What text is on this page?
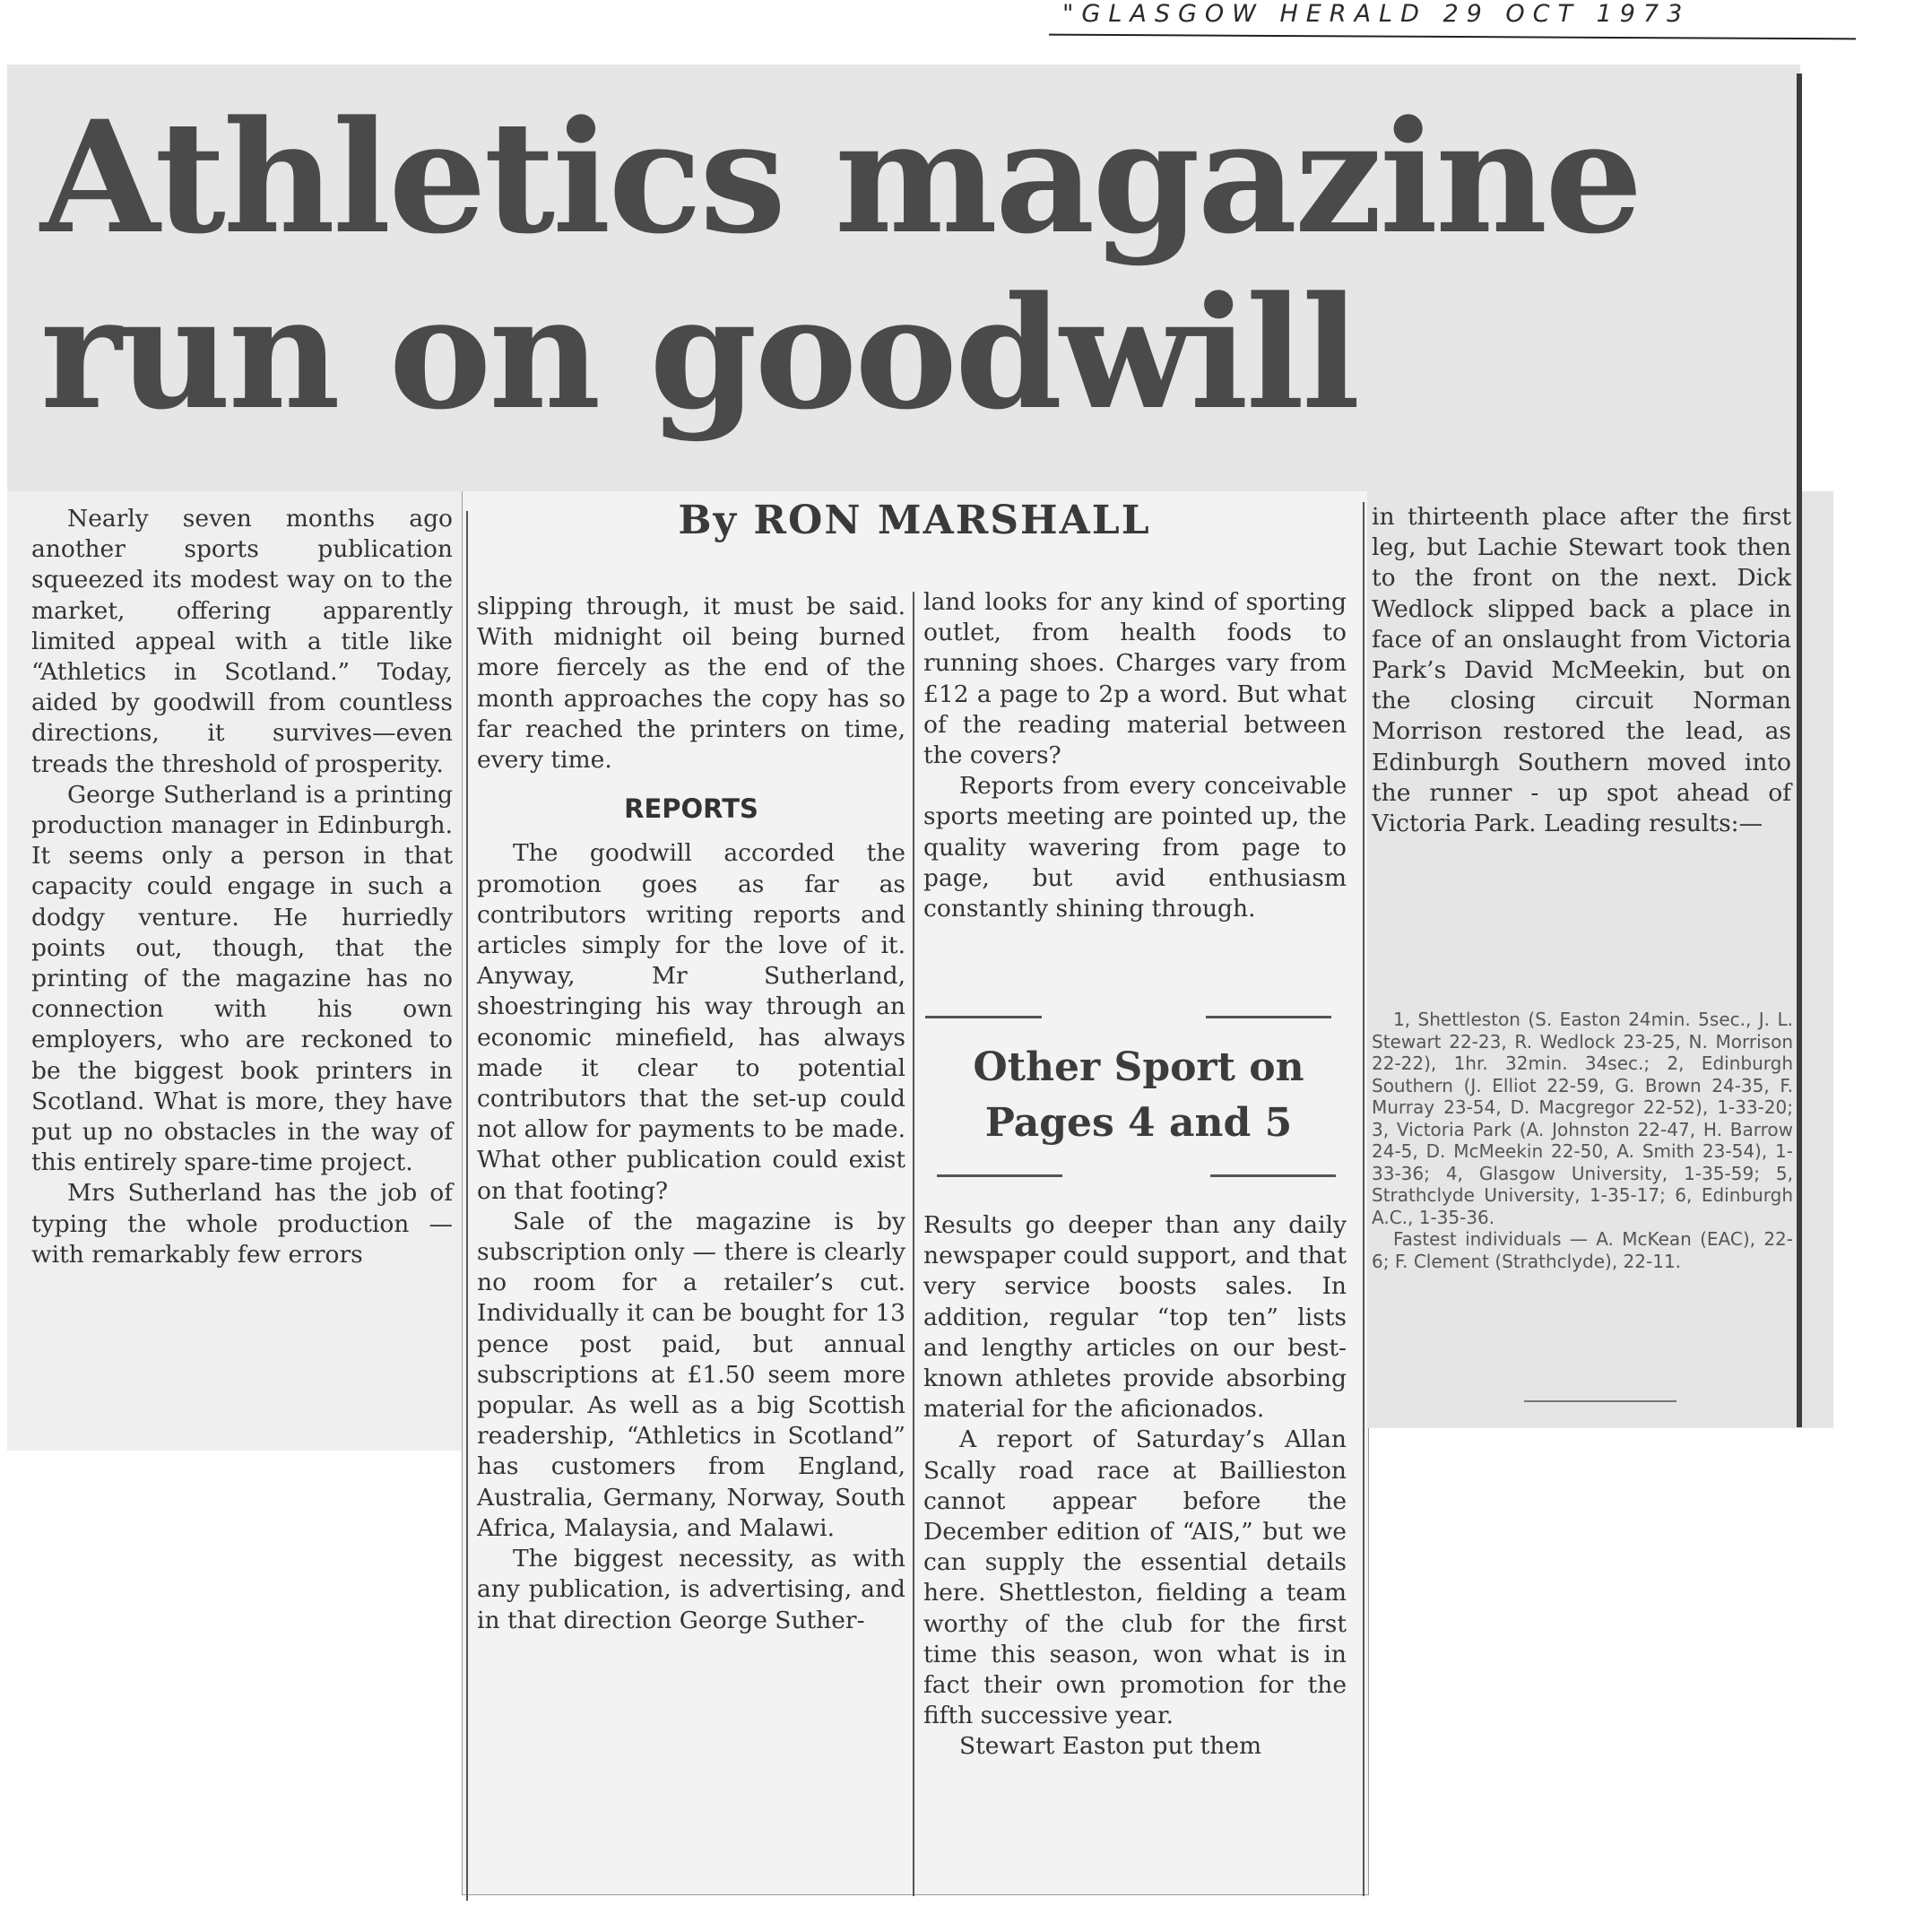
"GLASGOW HERALD 29 OCT 1973
Athletics magazine
run on goodwill
By RON MARSHALL

Nearly seven months ago another sports publication squeezed its modest way on to the market, offering apparently limited appeal with a title like “Athletics in Scotland.” Today, aided by goodwill from countless directions, it survives—even treads the threshold of prosperity.

George Sutherland is a printing production manager in Edinburgh. It seems only a person in that capacity could engage in such a dodgy venture. He hurriedly points out, though, that the printing of the magazine has no connection with his own employers, who are reckoned to be the biggest book printers in Scotland. What is more, they have put up no obstacles in the way of this entirely spare-time project.

Mrs Sutherland has the job of typing the whole production — with remarkably few errors

slipping through, it must be said. With midnight oil being burned more fiercely as the end of the month approaches the copy has so far reached the printers on time, every time.

REPORTS

The goodwill accorded the promotion goes as far as contributors writing reports and articles simply for the love of it. Anyway, Mr Sutherland, shoestringing his way through an economic minefield, has always made it clear to potential contributors that the set-up could not allow for payments to be made. What other publication could exist on that footing?

Sale of the magazine is by subscription only — there is clearly no room for a retailer’s cut. Individually it can be bought for 13 pence post paid, but annual subscriptions at £1.50 seem more popular. As well as a big Scottish readership, “Athletics in Scotland” has customers from England, Australia, Germany, Norway, South Africa, Malaysia, and Malawi.

The biggest necessity, as with any publication, is advertising, and in that direction George Suther-

land looks for any kind of sporting outlet, from health foods to running shoes. Charges vary from £12 a page to 2p a word. But what of the reading material between the covers?

Reports from every conceivable sports meeting are pointed up, the quality wavering from page to page, but avid enthusiasm constantly shining through.

Other Sport on
Pages 4 and 5

Results go deeper than any daily newspaper could support, and that very service boosts sales. In addition, regular “top ten” lists and lengthy articles on our best-known athletes provide absorbing material for the aficionados.

A report of Saturday’s Allan Scally road race at Baillieston cannot appear before the December edition of “AIS,” but we can supply the essential details here. Shettleston, fielding a team worthy of the club for the first time this season, won what is in fact their own promotion for the fifth successive year.

Stewart Easton put them

in thirteenth place after the first leg, but Lachie Stewart took then to the front on the next. Dick Wedlock slipped back a place in face of an onslaught from Victoria Park’s David McMeekin, but on the closing circuit Norman Morrison restored the lead, as Edinburgh Southern moved into the runner - up spot ahead of Victoria Park. Leading results:—

1, Shettleston (S. Easton 24min. 5sec., J. L. Stewart 22-23, R. Wedlock 23-25, N. Morrison 22-22), 1hr. 32min. 34sec.; 2, Edinburgh Southern (J. Elliot 22-59, G. Brown 24-35, F. Murray 23-54, D. Macgregor 22-52), 1-33-20; 3, Victoria Park (A. Johnston 22-47, H. Barrow 24-5, D. McMeekin 22-50, A. Smith 23-54), 1-33-36; 4, Glasgow University, 1-35-59; 5, Strathclyde University, 1-35-17; 6, Edinburgh A.C., 1-35-36.

Fastest individuals — A. McKean (EAC), 22-6; F. Clement (Strathclyde), 22-11.
